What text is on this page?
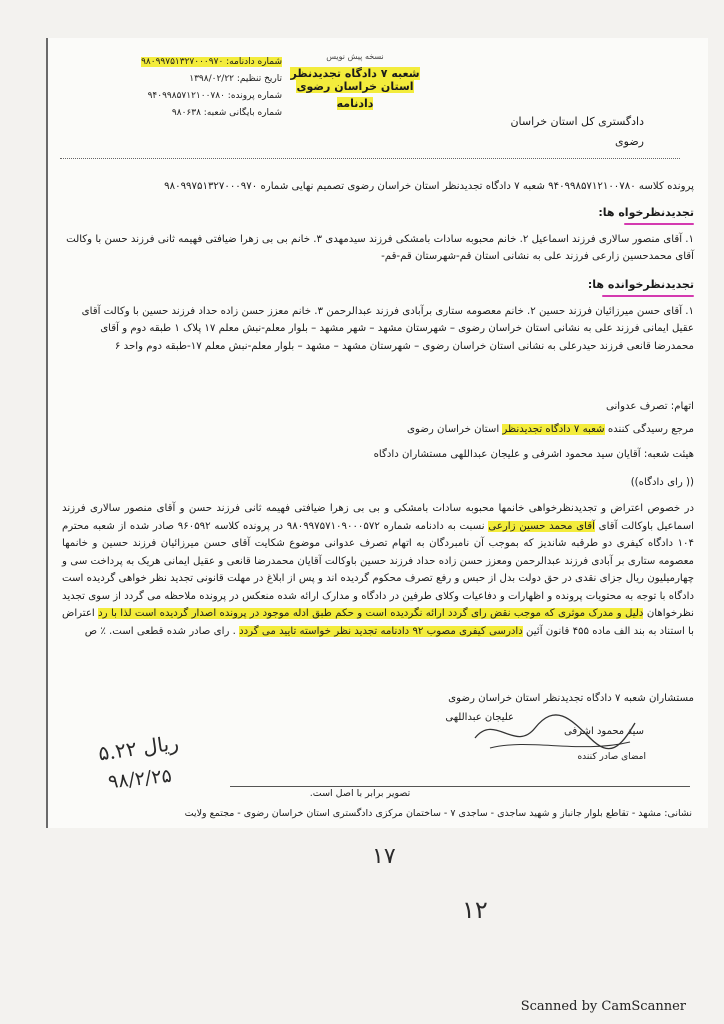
شماره دادنامه: ۹۸۰۹۹۷۵۱۳۲۷۰۰۰۹۷۰
تاریخ تنظیم: ۱۳۹۸/۰۲/۲۲
شماره پرونده: ۹۴۰۹۹۸۵۷۱۲۱۰۰۷۸۰
شماره بایگانی شعبه: ۹۸۰۶۳۸
نسخه پیش نویس
شعبه ۷ دادگاه تجدیدنظر استان خراسان رضوی
دادنامه
دادگستری کل استان خراسان
رضوی
پرونده کلاسه ۹۴۰۹۹۸۵۷۱۲۱۰۰۷۸۰ شعبه ۷ دادگاه تجدیدنظر استان خراسان رضوی تصمیم نهایی شماره ۹۸۰۹۹۷۵۱۳۲۷۰۰۰۹۷۰
تجدیدنظرخواه ها:
۱. آقای منصور سالاری فرزند اسماعیل ۲. خانم محبوبه سادات بامشکی فرزند سیدمهدی ۳. خانم بی بی زهرا ضیافتی فهیمه ثانی فرزند حسن با وکالت آقای محمدحسین زارعی فرزند علی به نشانی استان قم-شهرستان قم-قم-
تجدیدنظرخوانده ها:
۱. آقای حسن میرزائیان فرزند حسین ۲. خانم معصومه ستاری برآبادی فرزند عبدالرحمن ۳. خانم معزز حسن زاده حداد فرزند حسین با وکالت آقای عقیل ایمانی فرزند علی به نشانی استان خراسان رضوی – شهرستان مشهد – شهر مشهد – بلوار معلم-نبش معلم ۱۷ پلاک ۱ طبقه دوم و آقای محمدرضا قانعی فرزند حیدرعلی به نشانی استان خراسان رضوی – شهرستان مشهد – مشهد – بلوار معلم-نبش معلم ۱۷-طبقه دوم واحد ۶
اتهام: تصرف عدوانی
مرجع رسیدگی کننده شعبه ۷ دادگاه تجدیدنظر استان خراسان رضوی
هیئت شعبه: آقایان سید محمود اشرفی و علیجان عبداللهی مستشاران دادگاه
(( رای دادگاه))
در خصوص اعتراض و تجدیدنظرخواهی خانمها محبوبه سادات بامشکی و بی بی زهرا ضیافتی فهیمه ثانی فرزند حسن و آقای منصور سالاری فرزند اسماعیل باوکالت آقای آقای محمد حسین زارعی نسبت به دادنامه شماره ۹۸۰۹۹۷۵۷۱۰۹۰۰۰۵۷۲ در پرونده کلاسه ۹۶۰۵۹۲ صادر شده از شعبه محترم ۱۰۴ دادگاه کیفری دو طرقبه شاندیز که بموجب آن نامبردگان به اتهام تصرف عدوانی موضوع شکایت آقای حسن میرزائیان فرزند حسین و خانمها معصومه ستاری بر آبادی فرزند عبدالرحمن ومعزز حسن زاده حداد فرزند حسین باوکالت آقایان محمدرضا قانعی و عقیل ایمانی هریک به پرداخت سی و چهارمیلیون ریال جزای نقدی در حق دولت بدل از حبس و رفع تصرف محکوم گردیده اند و پس از ابلاغ در مهلت قانونی تجدید نظر خواهی گردیده است دادگاه با توجه به محتویات پرونده و اظهارات و دفاعیات وکلای طرفین در دادگاه و مدارک ارائه شده منعکس در پرونده ملاحظه می گردد از سوی تجدید نظرخواهان دلیل و مدرک موثری که موجب نقض رای گردد ارائه نگردیده است و حکم طبق ادله موجود در پرونده اصدار گردیده است لذا با رد اعتراض با استناد به بند الف ماده ۴۵۵ قانون آئین دادرسی کیفری مصوب ۹۲ دادنامه تجدید نظر خواسته تایید می گردد . رای صادر شده قطعی است. ٪ ص
مستشاران شعبه ۷ دادگاه تجدیدنظر استان خراسان رضوی
سید محمود اشرفی
علیجان عبداللهی
امضای صادر کننده
۵.۲۲ ریال
۹۸/۲/۲۵
تصویر برابر با اصل است.
نشانی: مشهد - تقاطع بلوار جانباز و شهید ساجدی - ساجدی ۷ - ساختمان مرکزی دادگستری استان خراسان رضوی - مجتمع ولایت
۱۷
۱۲
Scanned by CamScanner
